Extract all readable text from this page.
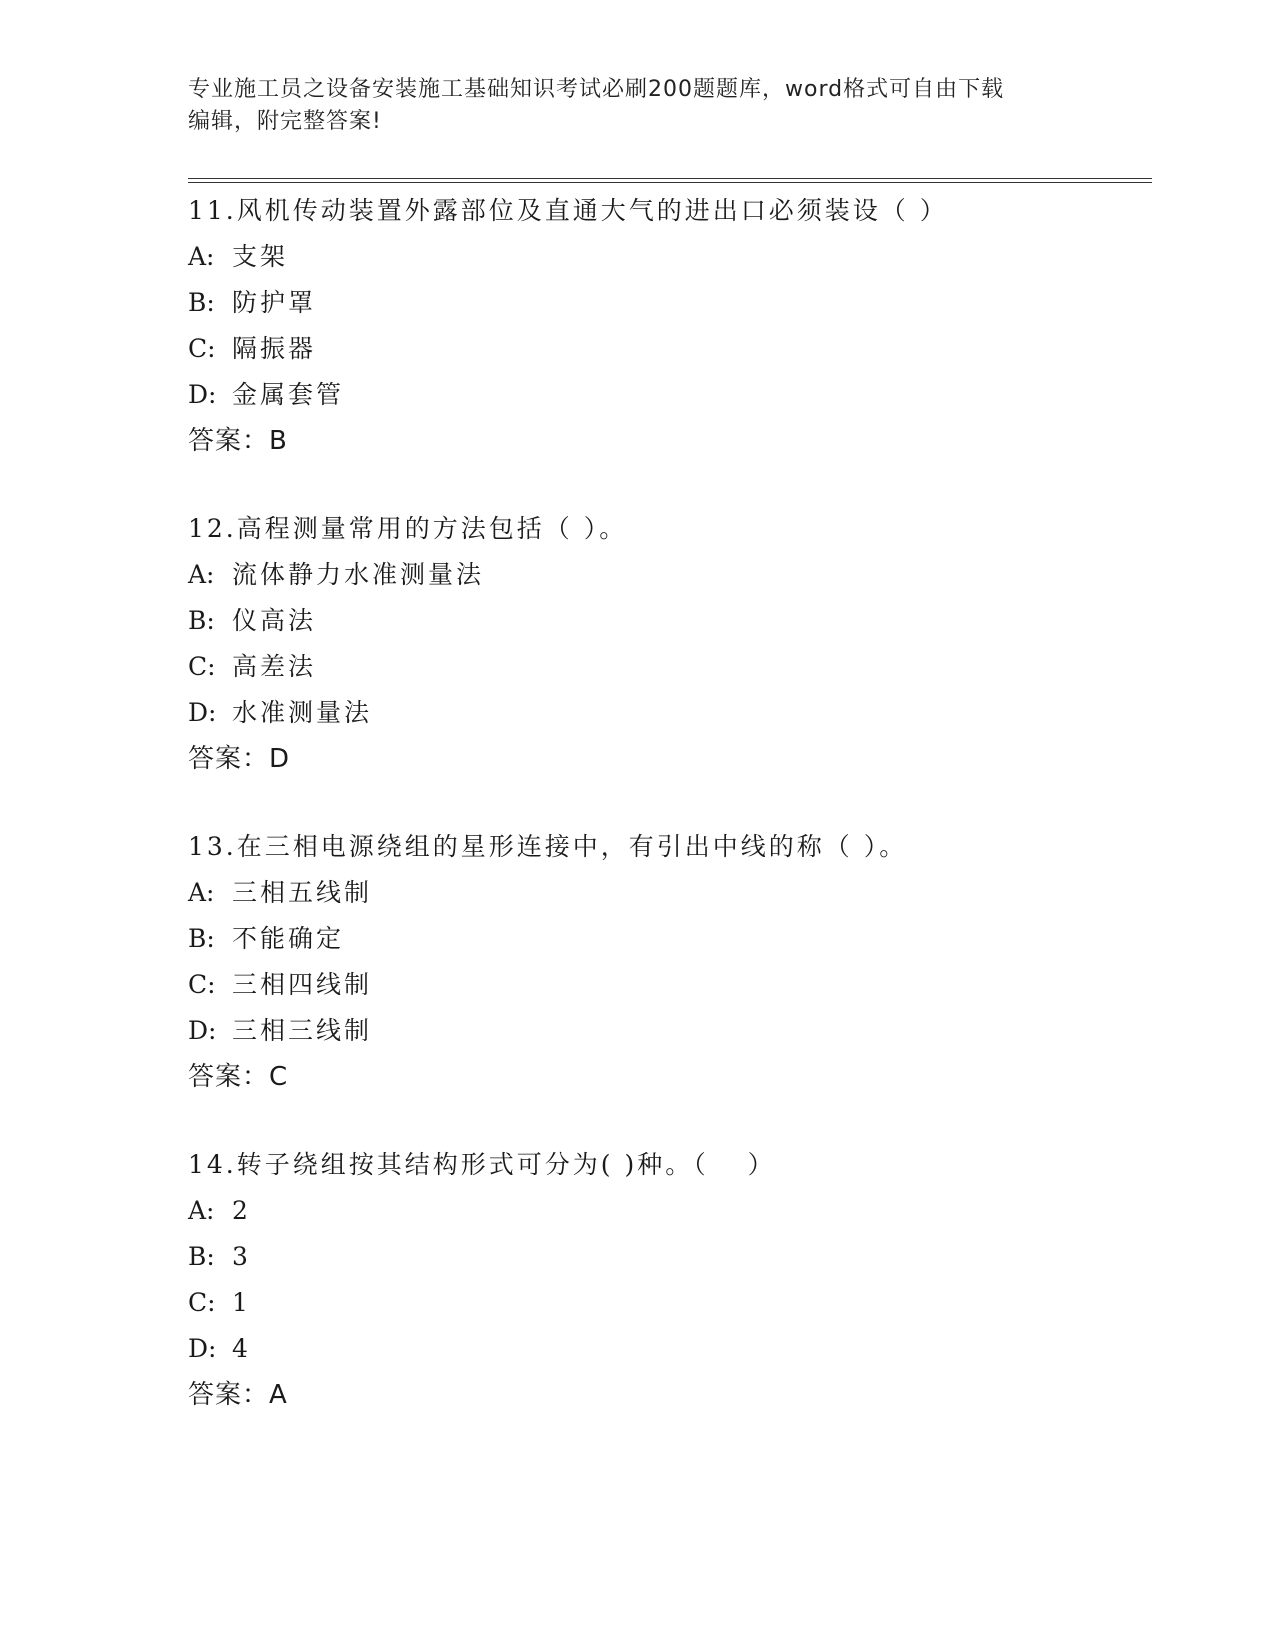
专业施工员之设备安装施工基础知识考试必刷200题题库，word格式可自由下载
编辑，附完整答案!
11.风机传动装置外露部位及直通大气的进出口必须装设（ ）
A: 支架
B: 防护罩
C: 隔振器
D: 金属套管
答案：B
12.高程测量常用的方法包括（ ）。
A: 流体静力水准测量法
B: 仪高法
C: 高差法
D: 水准测量法
答案：D
13.在三相电源绕组的星形连接中，有引出中线的称（ ）。
A: 三相五线制
B: 不能确定
C: 三相四线制
D: 三相三线制
答案：C
14.转子绕组按其结构形式可分为( )种。（　 ）
A: 2
B: 3
C: 1
D: 4
答案：A
